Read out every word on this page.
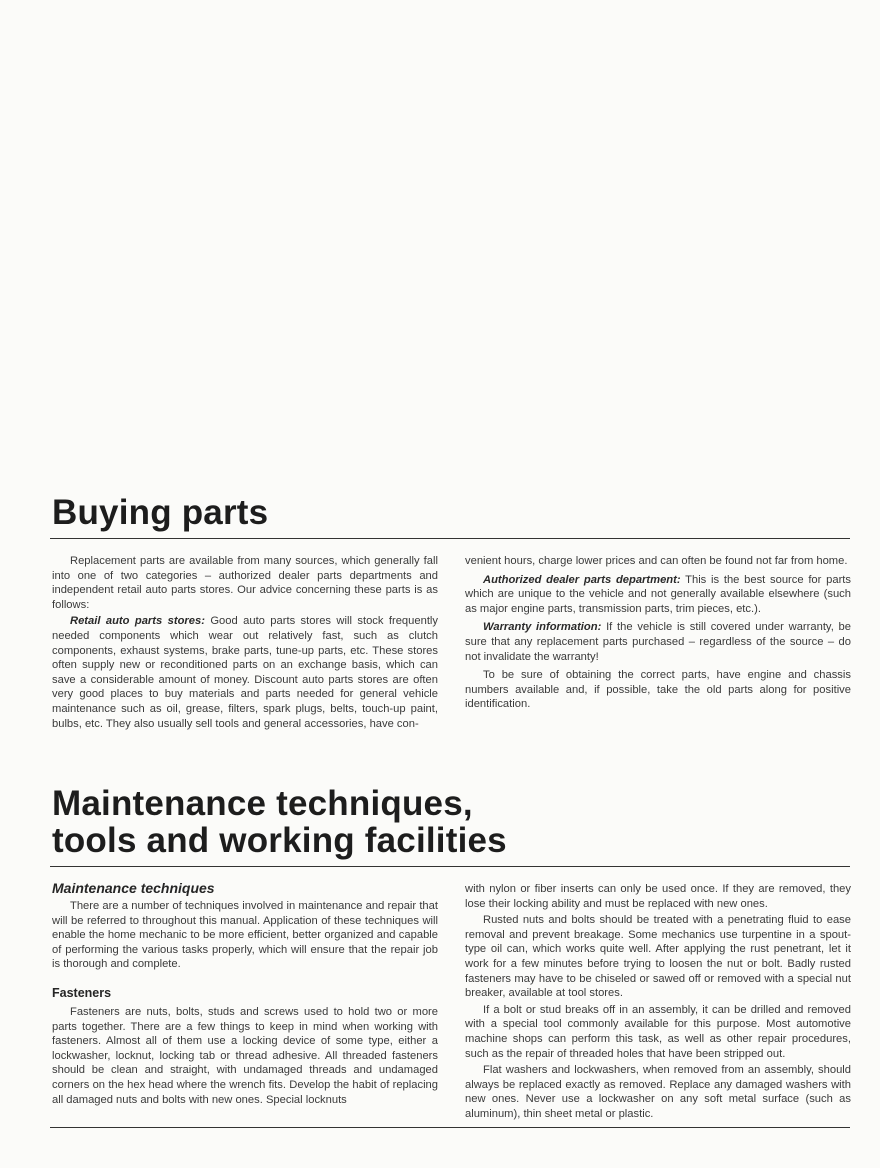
Buying parts

Replacement parts are available from many sources, which generally fall into one of two categories – authorized dealer parts departments and independent retail auto parts stores. Our advice concerning these parts is as follows:

Retail auto parts stores: Good auto parts stores will stock frequently needed components which wear out relatively fast, such as clutch components, exhaust systems, brake parts, tune-up parts, etc. These stores often supply new or reconditioned parts on an exchange basis, which can save a considerable amount of money. Discount auto parts stores are often very good places to buy materials and parts needed for general vehicle maintenance such as oil, grease, filters, spark plugs, belts, touch-up paint, bulbs, etc. They also usually sell tools and general accessories, have con-

venient hours, charge lower prices and can often be found not far from home.

Authorized dealer parts department: This is the best source for parts which are unique to the vehicle and not generally available elsewhere (such as major engine parts, transmission parts, trim pieces, etc.).

Warranty information: If the vehicle is still covered under warranty, be sure that any replacement parts purchased – regardless of the source – do not invalidate the warranty!

To be sure of obtaining the correct parts, have engine and chassis numbers available and, if possible, take the old parts along for positive identification.

Maintenance techniques,
tools and working facilities
Maintenance techniques

There are a number of techniques involved in maintenance and repair that will be referred to throughout this manual. Application of these techniques will enable the home mechanic to be more efficient, better organized and capable of performing the various tasks properly, which will ensure that the repair job is thorough and complete.

Fasteners

Fasteners are nuts, bolts, studs and screws used to hold two or more parts together. There are a few things to keep in mind when working with fasteners. Almost all of them use a locking device of some type, either a lockwasher, locknut, locking tab or thread adhesive. All threaded fasteners should be clean and straight, with undamaged threads and undamaged corners on the hex head where the wrench fits. Develop the habit of replacing all damaged nuts and bolts with new ones. Special locknuts

with nylon or fiber inserts can only be used once. If they are removed, they lose their locking ability and must be replaced with new ones.

Rusted nuts and bolts should be treated with a penetrating fluid to ease removal and prevent breakage. Some mechanics use turpentine in a spout-type oil can, which works quite well. After applying the rust penetrant, let it work for a few minutes before trying to loosen the nut or bolt. Badly rusted fasteners may have to be chiseled or sawed off or removed with a special nut breaker, available at tool stores.

If a bolt or stud breaks off in an assembly, it can be drilled and removed with a special tool commonly available for this purpose. Most automotive machine shops can perform this task, as well as other repair procedures, such as the repair of threaded holes that have been stripped out.

Flat washers and lockwashers, when removed from an assembly, should always be replaced exactly as removed. Replace any damaged washers with new ones. Never use a lockwasher on any soft metal surface (such as aluminum), thin sheet metal or plastic.
